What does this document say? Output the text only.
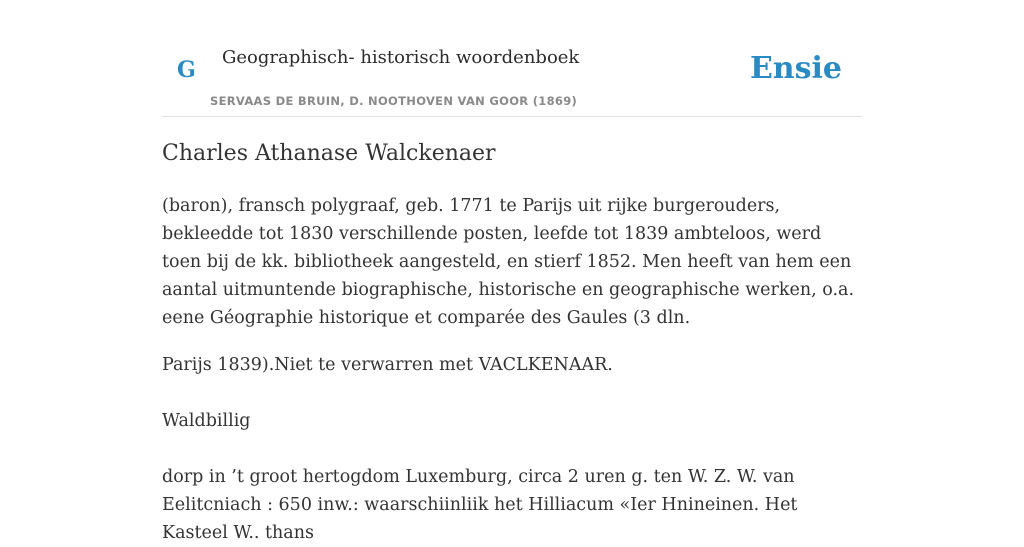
G Geographisch- historisch woordenboek
SERVAAS DE BRUIN, D. NOOTHOVEN VAN GOOR (1869)
Ensie
Charles Athanase Walckenaer

(baron), fransch polygraaf, geb. 1771 te Parijs uit rijke burgerouders, bekleedde tot 1830 verschillende posten, leefde tot 1839 ambteloos, werd toen bij de kk. bibliotheek aangesteld, en stierf 1852. Men heeft van hem een aantal uitmuntende biographische, historische en geographische werken, o.a. eene Géographie historique et comparée des Gaules (3 dln.

Parijs 1839).Niet te verwarren met VACLKENAAR.

Waldbillig

dorp in ’t groot hertogdom Luxemburg, circa 2 uren g. ten W. Z. W. van Eelitcniach : 650 inw.: waarschiinliik het Hilliacum «Ier Hnineinen. Het Kasteel W.. thans
